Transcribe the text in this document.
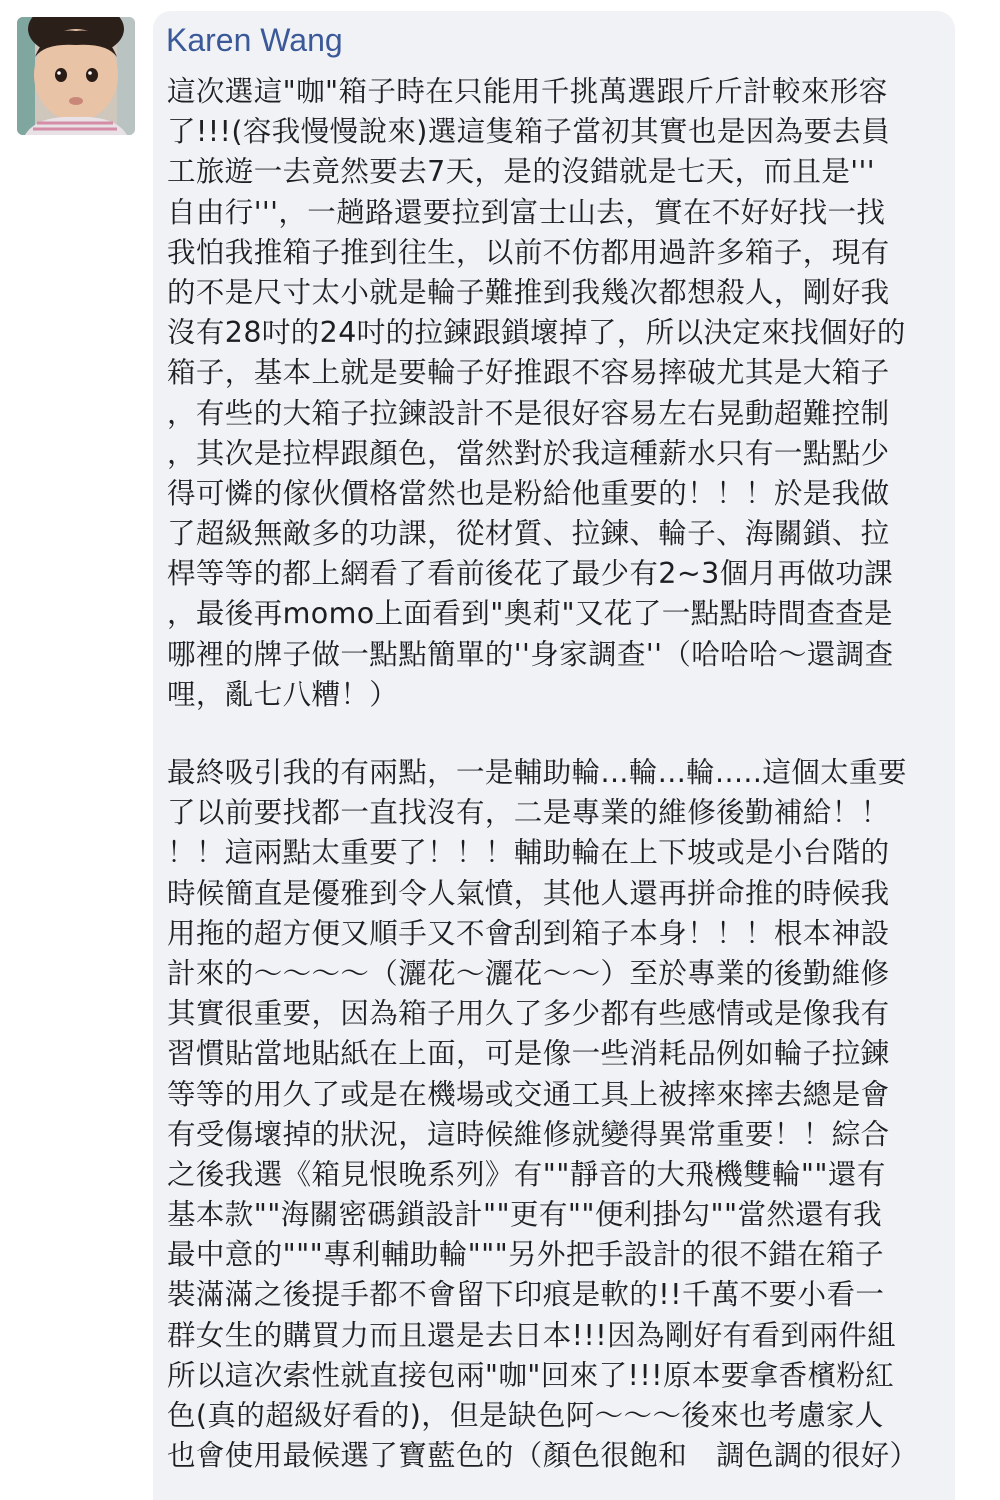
Karen Wang
這次選這"咖"箱子時在只能用千挑萬選跟斤斤計較來形容
了!!!(容我慢慢說來)選這隻箱子當初其實也是因為要去員
工旅遊一去竟然要去7天，是的沒錯就是七天，而且是'''
自由行'''，一趟路還要拉到富士山去，實在不好好找一找
我怕我推箱子推到往生，以前不仿都用過許多箱子，現有
的不是尺寸太小就是輪子難推到我幾次都想殺人，剛好我
沒有28吋的24吋的拉鍊跟鎖壞掉了，所以決定來找個好的
箱子，基本上就是要輪子好推跟不容易摔破尤其是大箱子
，有些的大箱子拉鍊設計不是很好容易左右晃動超難控制
，其次是拉桿跟顏色，當然對於我這種薪水只有一點點少
得可憐的傢伙價格當然也是粉給他重要的！！！於是我做
了超級無敵多的功課，從材質、拉鍊、輪子、海關鎖、拉
桿等等的都上網看了看前後花了最少有2~3個月再做功課
，最後再momo上面看到"奧莉"又花了一點點時間查查是
哪裡的牌子做一點點簡單的''身家調查''（哈哈哈～還調查
哩，亂七八糟！）
最終吸引我的有兩點，一是輔助輪...輪...輪.....這個太重要
了以前要找都一直找沒有，二是專業的維修後勤補給！！
！！這兩點太重要了！！！輔助輪在上下坡或是小台階的
時候簡直是優雅到令人氣憤，其他人還再拼命推的時候我
用拖的超方便又順手又不會刮到箱子本身！！！根本神設
計來的～～～～（灑花～灑花～～）至於專業的後勤維修
其實很重要，因為箱子用久了多少都有些感情或是像我有
習慣貼當地貼紙在上面，可是像一些消耗品例如輪子拉鍊
等等的用久了或是在機場或交通工具上被摔來摔去總是會
有受傷壞掉的狀況，這時候維修就變得異常重要！！綜合
之後我選《箱見恨晚系列》有""靜音的大飛機雙輪""還有
基本款""海關密碼鎖設計""更有""便利掛勾""當然還有我
最中意的"""專利輔助輪"""另外把手設計的很不錯在箱子
裝滿滿之後提手都不會留下印痕是軟的!!千萬不要小看一
群女生的購買力而且還是去日本!!!因為剛好有看到兩件組
所以這次索性就直接包兩"咖"回來了!!!原本要拿香檳粉紅
色(真的超級好看的)，但是缺色阿～～～後來也考慮家人
也會使用最候選了寶藍色的（顏色很飽和　調色調的很好）
